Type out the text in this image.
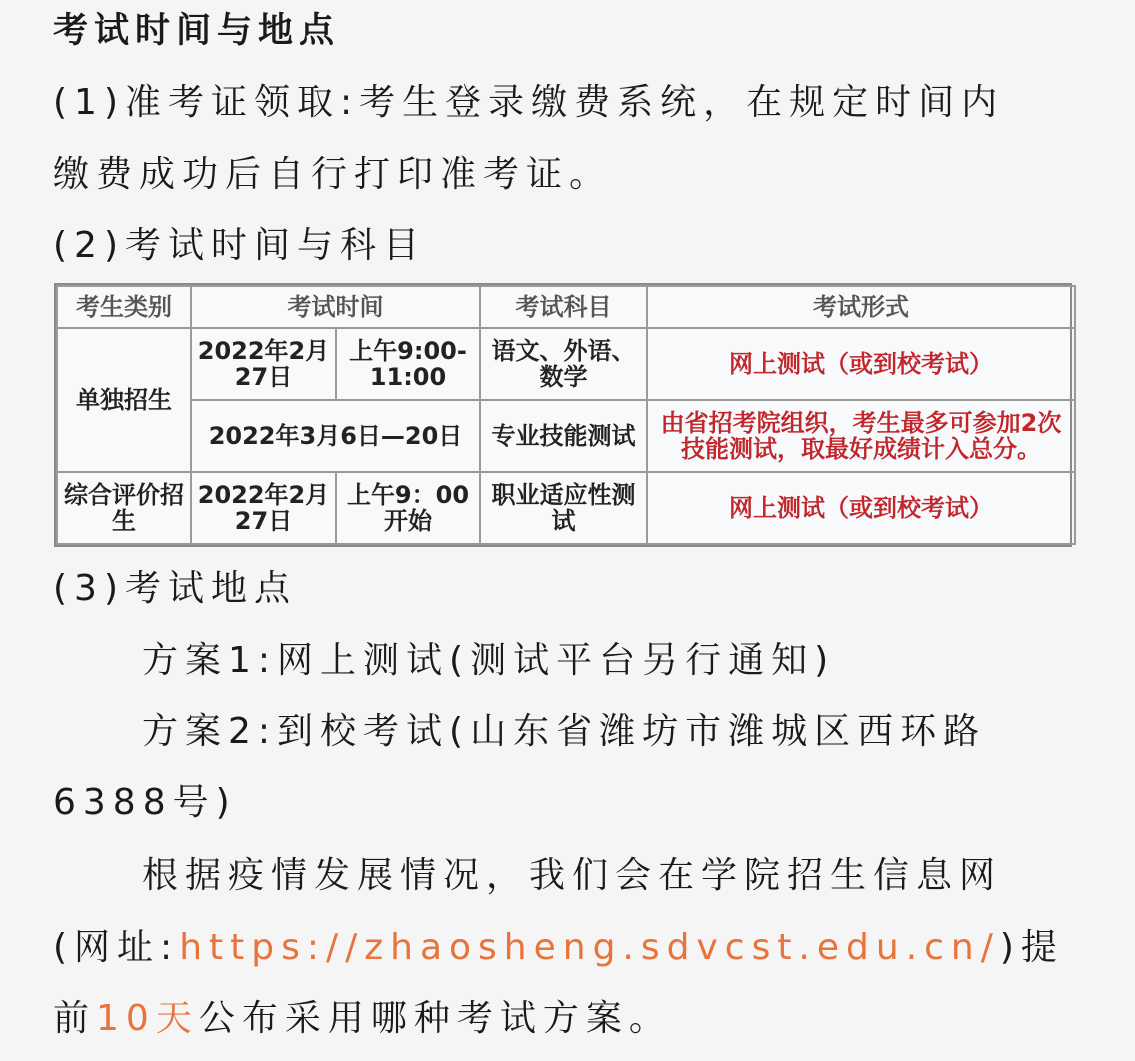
考试时间与地点
(1)准考证领取:考生登录缴费系统，在规定时间内
缴费成功后自行打印准考证。
(2)考试时间与科目
考生类别	考试时间		考试科目	考试形式
单独招生	2022年2月27日	上午9:00-11:00	语文、外语、数学	网上测试（或到校考试）
	2022年3月6日—20日		专业技能测试	由省招考院组织，考生最多可参加2次技能测试，取最好成绩计入总分。
综合评价招生	2022年2月27日	上午9：00开始	职业适应性测试	网上测试（或到校考试）
(3)考试地点
方案1:网上测试(测试平台另行通知)
方案2:到校考试(山东省潍坊市潍城区西环路
6388号)
根据疫情发展情况，我们会在学院招生信息网
(网址:https://zhaosheng.sdvcst.edu.cn/)提
前10天公布采用哪种考试方案。
